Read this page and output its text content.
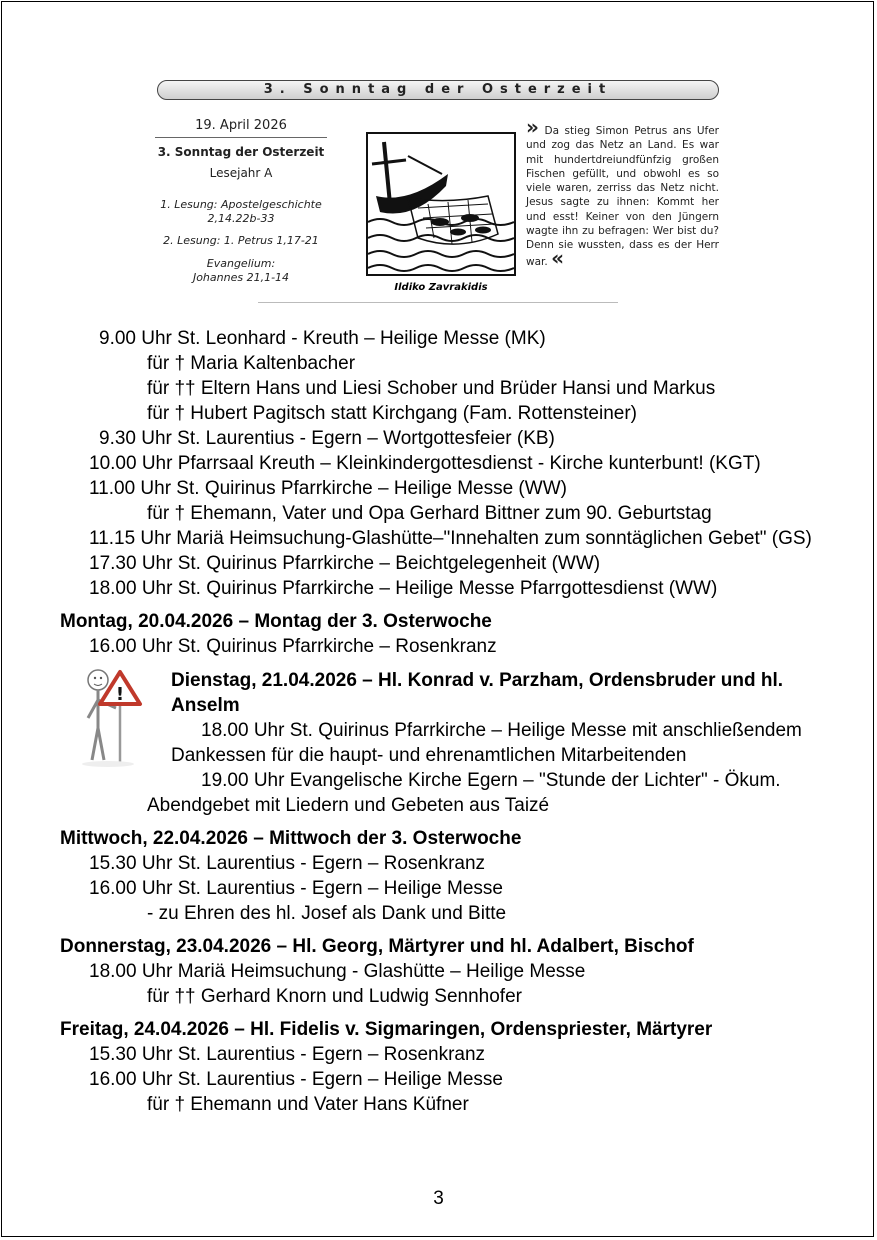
3. Sonntag der Osterzeit
19. April 2026
3. Sonntag der Osterzeit
Lesejahr A
1. Lesung: Apostelgeschichte
2,14.22b-33
2. Lesung: 1. Petrus 1,17-21
Evangelium:
Johannes 21,1-14
Ildiko Zavrakidis
» Da stieg Simon Petrus ans Ufer und zog das Netz an Land. Es war mit hundertdreiundfünfzig großen Fischen gefüllt, und obwohl es so viele waren, zerriss das Netz nicht. Jesus sagte zu ihnen: Kommt her und esst! Keiner von den Jüngern wagte ihn zu befragen: Wer bist du? Denn sie wussten, dass es der Herr war. «
9.00 Uhr St. Leonhard - Kreuth – Heilige Messe (MK)
für † Maria Kaltenbacher
für †† Eltern Hans und Liesi Schober und Brüder Hansi und Markus
für † Hubert Pagitsch statt Kirchgang (Fam. Rottensteiner)
9.30 Uhr St. Laurentius - Egern – Wortgottesfeier (KB)
10.00 Uhr Pfarrsaal Kreuth – Kleinkindergottesdienst - Kirche kunterbunt! (KGT)
11.00 Uhr St. Quirinus Pfarrkirche – Heilige Messe (WW)
für † Ehemann, Vater und Opa Gerhard Bittner zum 90. Geburtstag
11.15 Uhr Mariä Heimsuchung-Glashütte–"Innehalten zum sonntäglichen Gebet" (GS)
17.30 Uhr St. Quirinus Pfarrkirche – Beichtgelegenheit (WW)
18.00 Uhr St. Quirinus Pfarrkirche – Heilige Messe Pfarrgottesdienst (WW)
Montag, 20.04.2026 – Montag der 3. Osterwoche
16.00 Uhr St. Quirinus Pfarrkirche – Rosenkranz
!
Dienstag, 21.04.2026 – Hl. Konrad v. Parzham, Ordensbruder und hl.
Anselm
18.00 Uhr St. Quirinus Pfarrkirche – Heilige Messe mit anschließendem
Dankessen für die haupt- und ehrenamtlichen Mitarbeitenden
19.00 Uhr Evangelische Kirche Egern – "Stunde der Lichter" - Ökum.
Abendgebet mit Liedern und Gebeten aus Taizé
Mittwoch, 22.04.2026 – Mittwoch der 3. Osterwoche
15.30 Uhr St. Laurentius - Egern – Rosenkranz
16.00 Uhr St. Laurentius - Egern – Heilige Messe
- zu Ehren des hl. Josef als Dank und Bitte
Donnerstag, 23.04.2026 – Hl. Georg, Märtyrer und hl. Adalbert, Bischof
18.00 Uhr Mariä Heimsuchung - Glashütte – Heilige Messe
für †† Gerhard Knorn und Ludwig Sennhofer
Freitag, 24.04.2026 – Hl. Fidelis v. Sigmaringen, Ordenspriester, Märtyrer
15.30 Uhr St. Laurentius - Egern – Rosenkranz
16.00 Uhr St. Laurentius - Egern – Heilige Messe
für † Ehemann und Vater Hans Küfner
3
